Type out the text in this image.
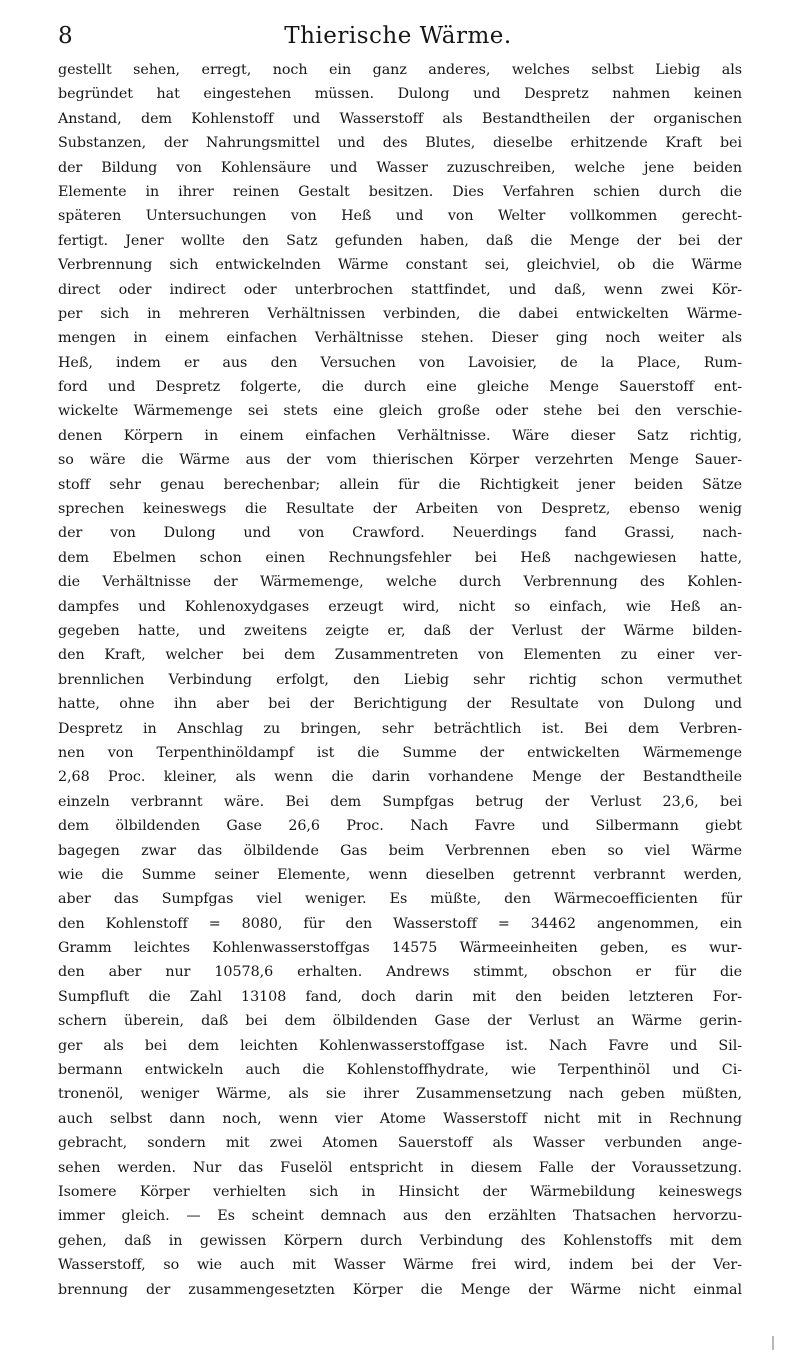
8	Thierische Wärme.
gestellt sehen, erregt, noch ein ganz anderes, welches selbst Liebig als
begründet hat eingestehen müssen. Dulong und Despretz nahmen keinen
Anstand, dem Kohlenstoff und Wasserstoff als Bestandtheilen der organischen
Substanzen, der Nahrungsmittel und des Blutes, dieselbe erhitzende Kraft bei
der Bildung von Kohlensäure und Wasser zuzuschreiben, welche jene beiden
Elemente in ihrer reinen Gestalt besitzen. Dies Verfahren schien durch die
späteren Untersuchungen von Heß und von Welter vollkommen gerecht-
fertigt. Jener wollte den Satz gefunden haben, daß die Menge der bei der
Verbrennung sich entwickelnden Wärme constant sei, gleichviel, ob die Wärme
direct oder indirect oder unterbrochen stattfindet, und daß, wenn zwei Kör-
per sich in mehreren Verhältnissen verbinden, die dabei entwickelten Wärme-
mengen in einem einfachen Verhältnisse stehen. Dieser ging noch weiter als
Heß, indem er aus den Versuchen von Lavoisier, de la Place, Rum-
ford und Despretz folgerte, die durch eine gleiche Menge Sauerstoff ent-
wickelte Wärmemenge sei stets eine gleich große oder stehe bei den verschie-
denen Körpern in einem einfachen Verhältnisse. Wäre dieser Satz richtig,
so wäre die Wärme aus der vom thierischen Körper verzehrten Menge Sauer-
stoff sehr genau berechenbar; allein für die Richtigkeit jener beiden Sätze
sprechen keineswegs die Resultate der Arbeiten von Despretz, ebenso wenig
der von Dulong und von Crawford. Neuerdings fand Grassi, nach-
dem Ebelmen schon einen Rechnungsfehler bei Heß nachgewiesen hatte,
die Verhältnisse der Wärmemenge, welche durch Verbrennung des Kohlen-
dampfes und Kohlenoxydgases erzeugt wird, nicht so einfach, wie Heß an-
gegeben hatte, und zweitens zeigte er, daß der Verlust der Wärme bilden-
den Kraft, welcher bei dem Zusammentreten von Elementen zu einer ver-
brennlichen Verbindung erfolgt, den Liebig sehr richtig schon vermuthet
hatte, ohne ihn aber bei der Berichtigung der Resultate von Dulong und
Despretz in Anschlag zu bringen, sehr beträchtlich ist. Bei dem Verbren-
nen von Terpenthinöldampf ist die Summe der entwickelten Wärmemenge
2,68 Proc. kleiner, als wenn die darin vorhandene Menge der Bestandtheile
einzeln verbrannt wäre. Bei dem Sumpfgas betrug der Verlust 23,6, bei
dem ölbildenden Gase 26,6 Proc. Nach Favre und Silbermann giebt
bagegen zwar das ölbildende Gas beim Verbrennen eben so viel Wärme
wie die Summe seiner Elemente, wenn dieselben getrennt verbrannt werden,
aber das Sumpfgas viel weniger. Es müßte, den Wärmecoefficienten für
den Kohlenstoff = 8080, für den Wasserstoff = 34462 angenommen, ein
Gramm leichtes Kohlenwasserstoffgas 14575 Wärmeeinheiten geben, es wur-
den aber nur 10578,6 erhalten. Andrews stimmt, obschon er für die
Sumpfluft die Zahl 13108 fand, doch darin mit den beiden letzteren For-
schern überein, daß bei dem ölbildenden Gase der Verlust an Wärme gerin-
ger als bei dem leichten Kohlenwasserstoffgase ist. Nach Favre und Sil-
bermann entwickeln auch die Kohlenstoffhydrate, wie Terpenthinöl und Ci-
tronenöl, weniger Wärme, als sie ihrer Zusammensetzung nach geben müßten,
auch selbst dann noch, wenn vier Atome Wasserstoff nicht mit in Rechnung
gebracht, sondern mit zwei Atomen Sauerstoff als Wasser verbunden ange-
sehen werden. Nur das Fuselöl entspricht in diesem Falle der Voraussetzung.
Isomere Körper verhielten sich in Hinsicht der Wärmebildung keineswegs
immer gleich. — Es scheint demnach aus den erzählten Thatsachen hervorzu-
gehen, daß in gewissen Körpern durch Verbindung des Kohlenstoffs mit dem
Wasserstoff, so wie auch mit Wasser Wärme frei wird, indem bei der Ver-
brennung der zusammengesetzten Körper die Menge der Wärme nicht einmal
